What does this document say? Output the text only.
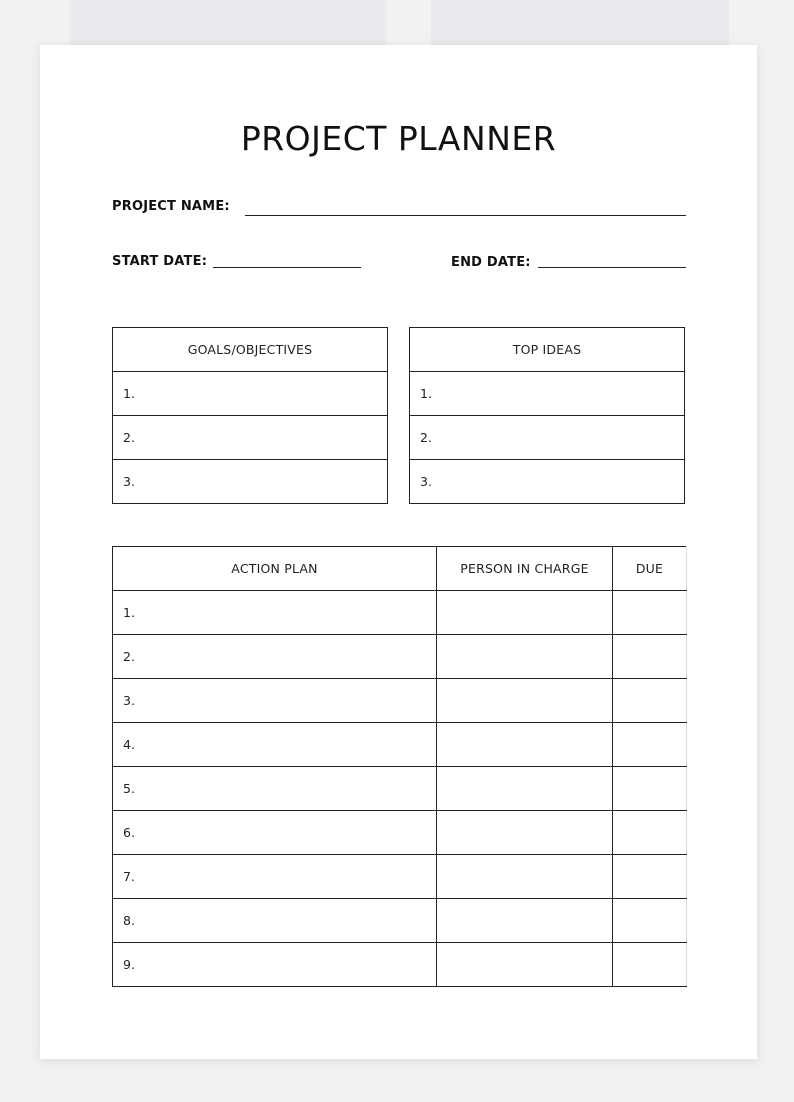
PROJECT PLANNER
PROJECT NAME:
START DATE:	END DATE:
GOALS/OBJECTIVES
1.
2.
3.
TOP IDEAS
1.
2.
3.
ACTION PLAN	PERSON IN CHARGE	DUE
1.		
2.		
3.		
4.		
5.		
6.		
7.		
8.		
9.		
